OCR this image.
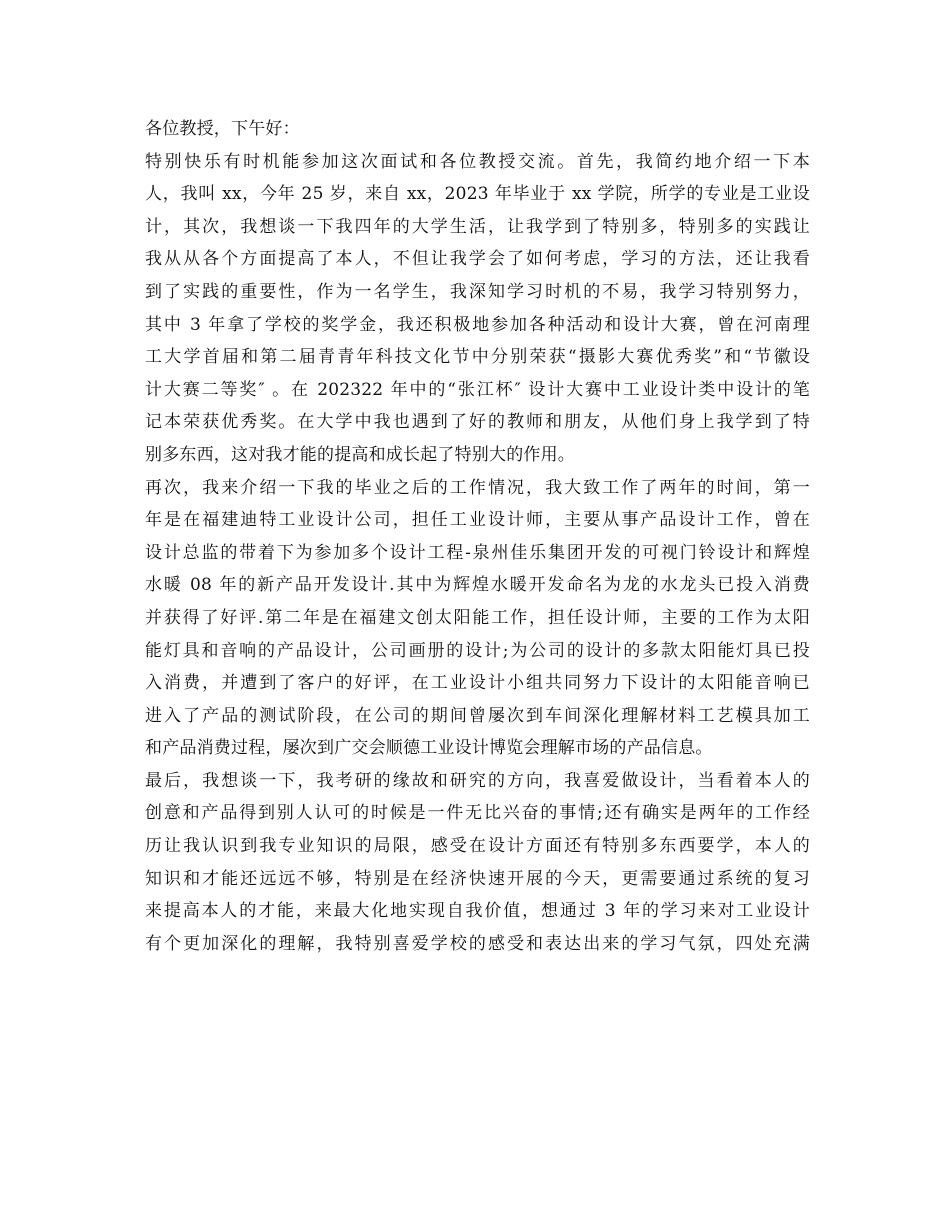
各位教授，下午好：
特别快乐有时机能参加这次面试和各位教授交流。首先，我简约地介绍一下本
人，我叫 xx，今年 25 岁，来自 xx，2023 年毕业于 xx 学院，所学的专业是工业设
计，其次，我想谈一下我四年的大学生活，让我学到了特别多，特别多的实践让
我从从各个方面提高了本人，不但让我学会了如何考虑，学习的方法，还让我看
到了实践的重要性，作为一名学生，我深知学习时机的不易，我学习特别努力，
其中 3 年拿了学校的奖学金，我还积极地参加各种活动和设计大赛，曾在河南理
工大学首届和第二届青青年科技文化节中分别荣获“摄影大赛优秀奖”和“节徽设
计大赛二等奖″ 。在 202322 年中的“张江杯″ 设计大赛中工业设计类中设计的笔
记本荣获优秀奖。在大学中我也遇到了好的教师和朋友，从他们身上我学到了特
别多东西，这对我才能的提高和成长起了特别大的作用。
再次，我来介绍一下我的毕业之后的工作情况，我大致工作了两年的时间，第一
年是在福建迪特工业设计公司，担任工业设计师，主要从事产品设计工作，曾在
设计总监的带着下为参加多个设计工程-泉州佳乐集团开发的可视门铃设计和辉煌
水暖 08 年的新产品开发设计.其中为辉煌水暖开发命名为龙的水龙头已投入消费
并获得了好评.第二年是在福建文创太阳能工作，担任设计师，主要的工作为太阳
能灯具和音响的产品设计，公司画册的设计;为公司的设计的多款太阳能灯具已投
入消费，并遭到了客户的好评，在工业设计小组共同努力下设计的太阳能音响已
进入了产品的测试阶段，在公司的期间曾屡次到车间深化理解材料工艺模具加工
和产品消费过程，屡次到广交会顺德工业设计博览会理解市场的产品信息。
最后，我想谈一下，我考研的缘故和研究的方向，我喜爱做设计，当看着本人的
创意和产品得到别人认可的时候是一件无比兴奋的事情;还有确实是两年的工作经
历让我认识到我专业知识的局限，感受在设计方面还有特别多东西要学，本人的
知识和才能还远远不够，特别是在经济快速开展的今天，更需要通过系统的复习
来提高本人的才能，来最大化地实现自我价值，想通过 3 年的学习来对工业设计
有个更加深化的理解，我特别喜爱学校的感受和表达出来的学习气氛，四处充满
